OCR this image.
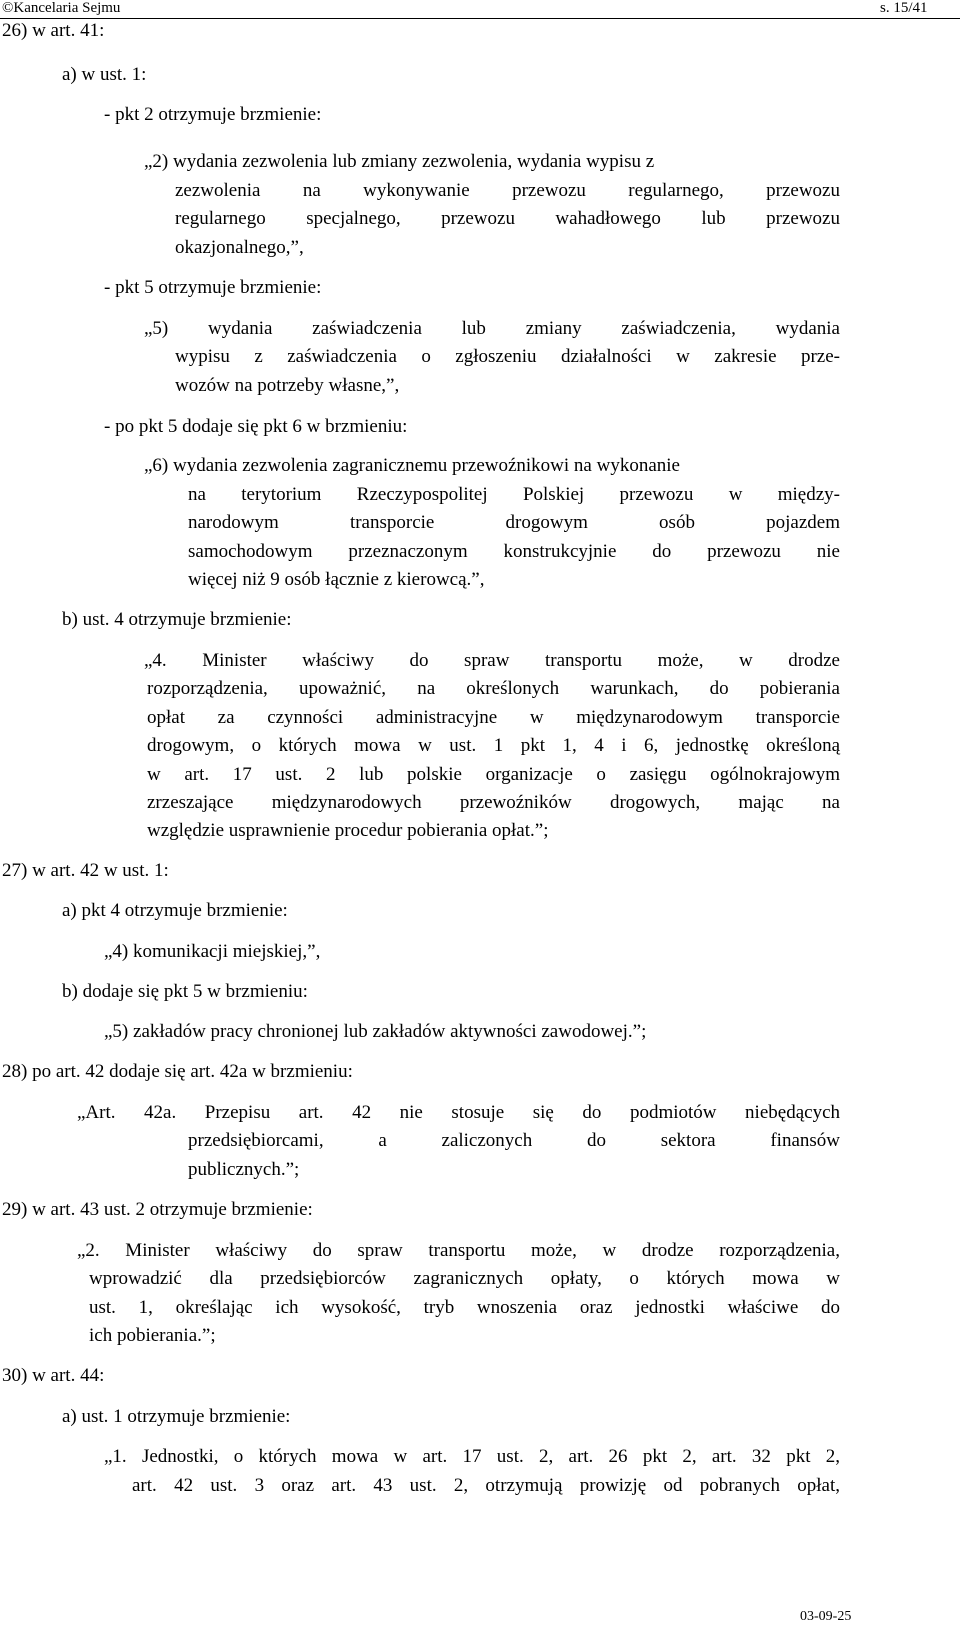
©Kancelaria Sejmu	s. 15/41
26) w art. 41:
a) w ust. 1:
- pkt 2 otrzymuje brzmienie:
„2) wydania zezwolenia lub zmiany zezwolenia, wydania wypisu z
zezwolenia na wykonywanie przewozu regularnego, przewozu
regularnego specjalnego, przewozu wahadłowego lub przewozu
okazjonalnego,”,
- pkt 5 otrzymuje brzmienie:
„5) wydania zaświadczenia lub zmiany zaświadczenia, wydania
wypisu z zaświadczenia o zgłoszeniu działalności w zakresie prze-
wozów na potrzeby własne,”,
- po pkt 5 dodaje się pkt 6 w brzmieniu:
„6) wydania zezwolenia zagranicznemu przewoźnikowi na wykonanie
na terytorium Rzeczypospolitej Polskiej przewozu w między-
narodowym transporcie drogowym osób pojazdem
samochodowym przeznaczonym konstrukcyjnie do przewozu nie
więcej niż 9 osób łącznie z kierowcą.”,
b) ust. 4 otrzymuje brzmienie:
„4. Minister właściwy do spraw transportu może, w drodze
rozporządzenia, upoważnić, na określonych warunkach, do pobierania
opłat za czynności administracyjne w międzynarodowym transporcie
drogowym, o których mowa w ust. 1 pkt 1, 4 i 6, jednostkę określoną
w art. 17 ust. 2 lub polskie organizacje o zasięgu ogólnokrajowym
zrzeszające międzynarodowych przewoźników drogowych, mając na
względzie usprawnienie procedur pobierania opłat.”;
27) w art. 42 w ust. 1:
a) pkt 4 otrzymuje brzmienie:
„4) komunikacji miejskiej,”,
b) dodaje się pkt 5 w brzmieniu:
„5) zakładów pracy chronionej lub zakładów aktywności zawodowej.”;
28) po art. 42 dodaje się art. 42a w brzmieniu:
„Art. 42a. Przepisu art. 42 nie stosuje się do podmiotów niebędących
przedsiębiorcami, a zaliczonych do sektora finansów
publicznych.”;
29) w art. 43 ust. 2 otrzymuje brzmienie:
„2. Minister właściwy do spraw transportu może, w drodze rozporządzenia,
wprowadzić dla przedsiębiorców zagranicznych opłaty, o których mowa w
ust. 1, określając ich wysokość, tryb wnoszenia oraz jednostki właściwe do
ich pobierania.”;
30) w art. 44:
a) ust. 1 otrzymuje brzmienie:
„1. Jednostki, o których mowa w art. 17 ust. 2, art. 26 pkt 2, art. 32 pkt 2,
art. 42 ust. 3 oraz art. 43 ust. 2, otrzymują prowizję od pobranych opłat,
03-09-25
